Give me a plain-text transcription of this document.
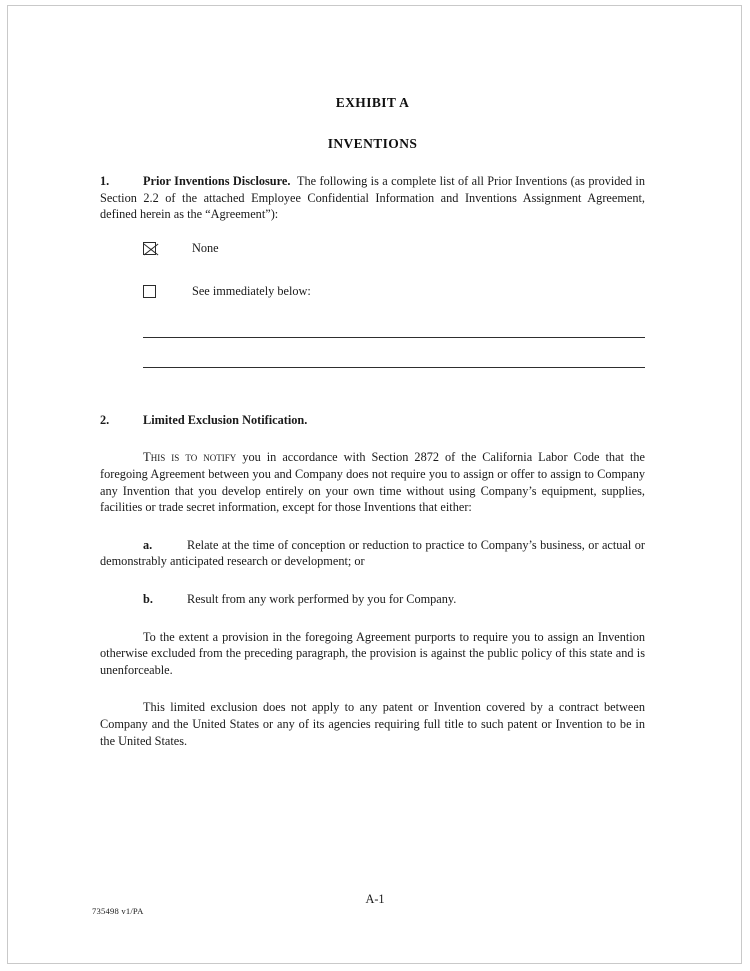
EXHIBIT A
INVENTIONS
1.	Prior Inventions Disclosure. The following is a complete list of all Prior Inventions (as provided in Section 2.2 of the attached Employee Confidential Information and Inventions Assignment Agreement, defined herein as the “Agreement”):
None
See immediately below:
2.	Limited Exclusion Notification.
This is to notify you in accordance with Section 2872 of the California Labor Code that the foregoing Agreement between you and Company does not require you to assign or offer to assign to Company any Invention that you develop entirely on your own time without using Company’s equipment, supplies, facilities or trade secret information, except for those Inventions that either:
a.	Relate at the time of conception or reduction to practice to Company’s business, or actual or demonstrably anticipated research or development; or
b.	Result from any work performed by you for Company.
To the extent a provision in the foregoing Agreement purports to require you to assign an Invention otherwise excluded from the preceding paragraph, the provision is against the public policy of this state and is unenforceable.
This limited exclusion does not apply to any patent or Invention covered by a contract between Company and the United States or any of its agencies requiring full title to such patent or Invention to be in the United States.
A-1
735498 v1/PA
